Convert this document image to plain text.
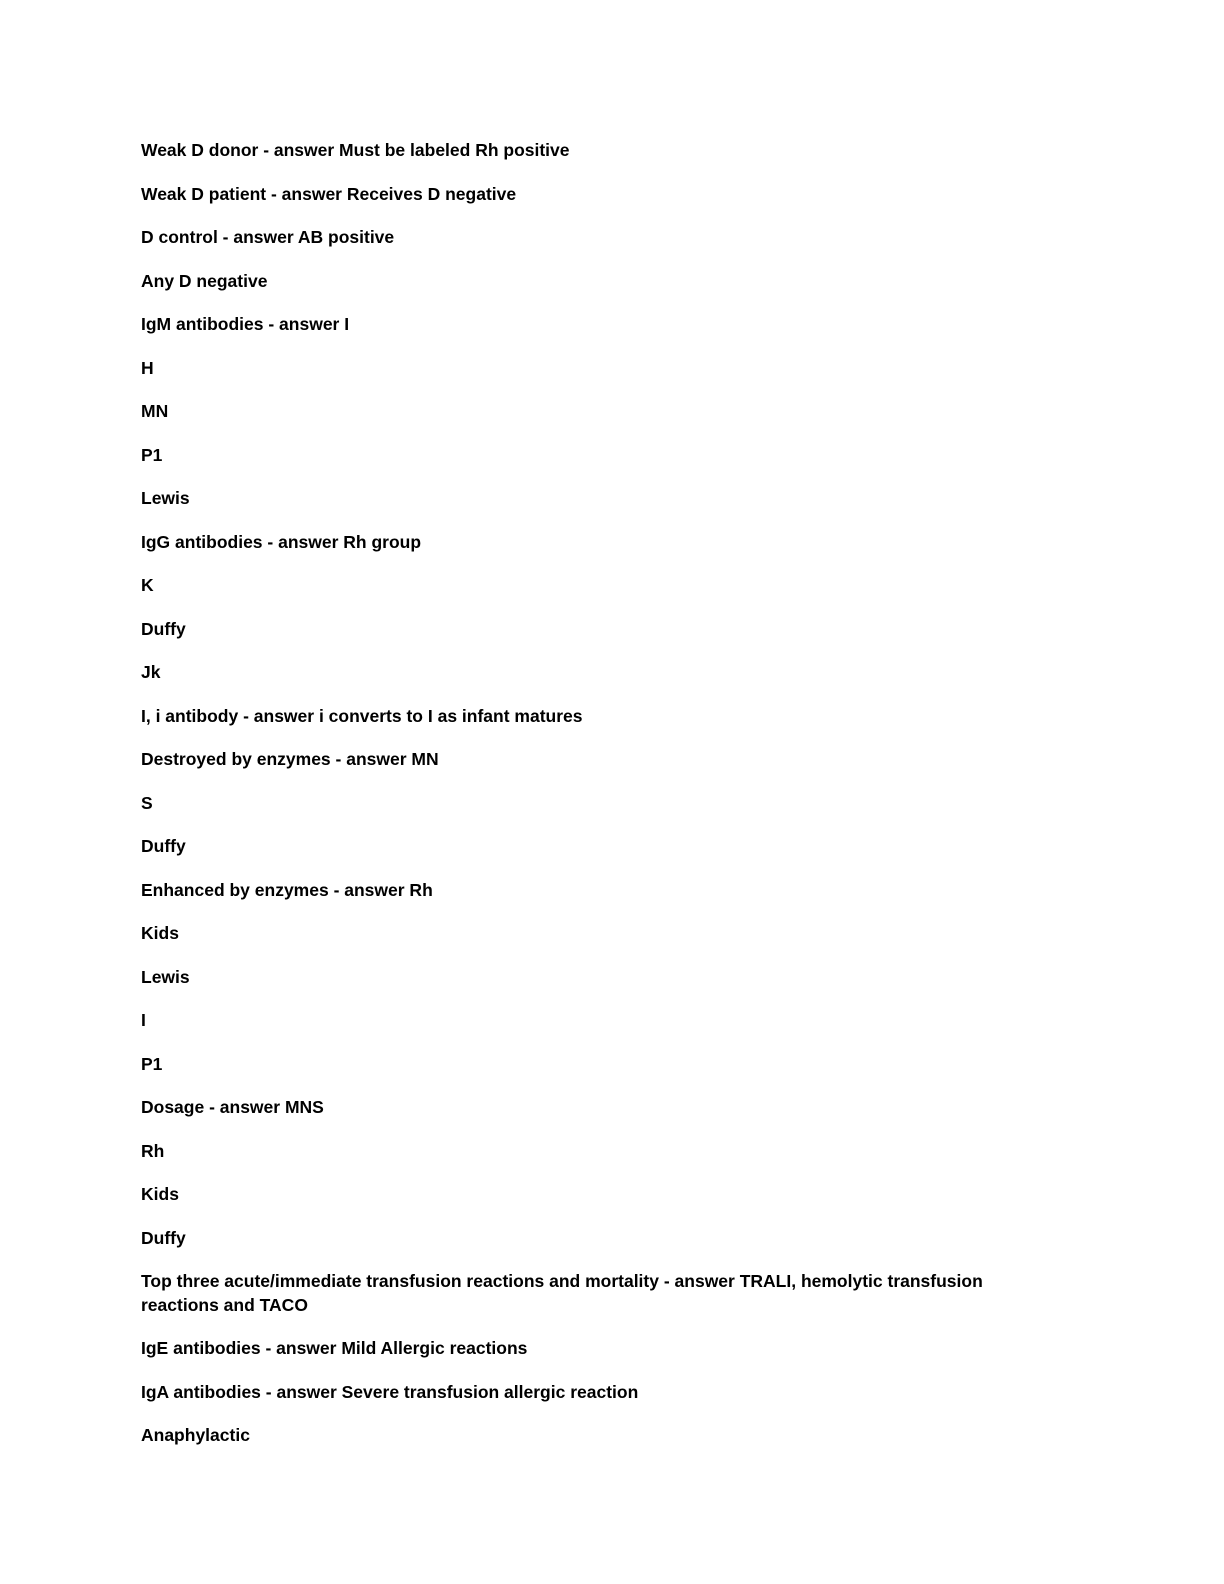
Weak D donor - answer Must be labeled Rh positive

Weak D patient - answer Receives D negative

D control - answer AB positive

Any D negative

IgM antibodies - answer I

H

MN

P1

Lewis

IgG antibodies - answer Rh group

K

Duffy

Jk

I, i antibody - answer i converts to I as infant matures

Destroyed by enzymes - answer MN

S

Duffy

Enhanced by enzymes - answer Rh

Kids

Lewis

I

P1

Dosage - answer MNS

Rh

Kids

Duffy

Top three acute/immediate transfusion reactions and mortality - answer TRALI, hemolytic transfusion reactions and TACO

IgE antibodies - answer Mild Allergic reactions

IgA antibodies - answer Severe transfusion allergic reaction

Anaphylactic
